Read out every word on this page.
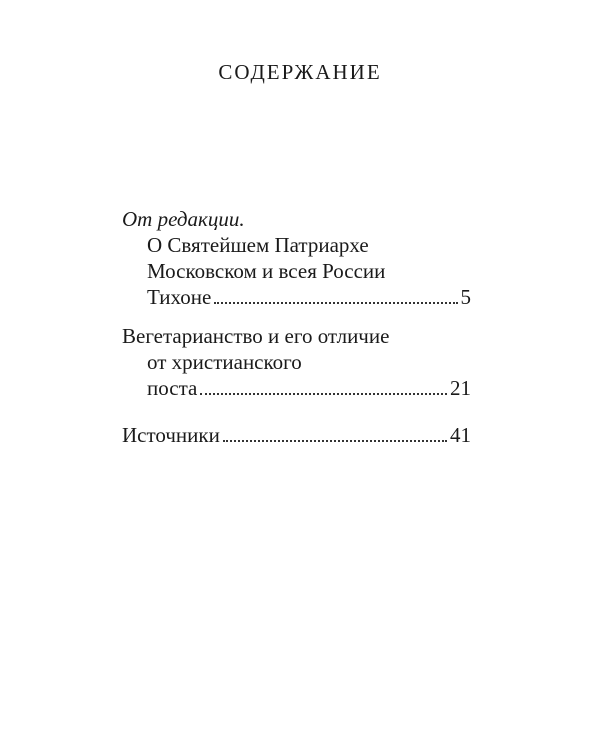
СОДЕРЖАНИЕ
От редакции.
О Святейшем Патриархе
Московском и всея России
Тихоне	5
Вегетарианство и его отличие
от христианского
поста	21
Источники	41
